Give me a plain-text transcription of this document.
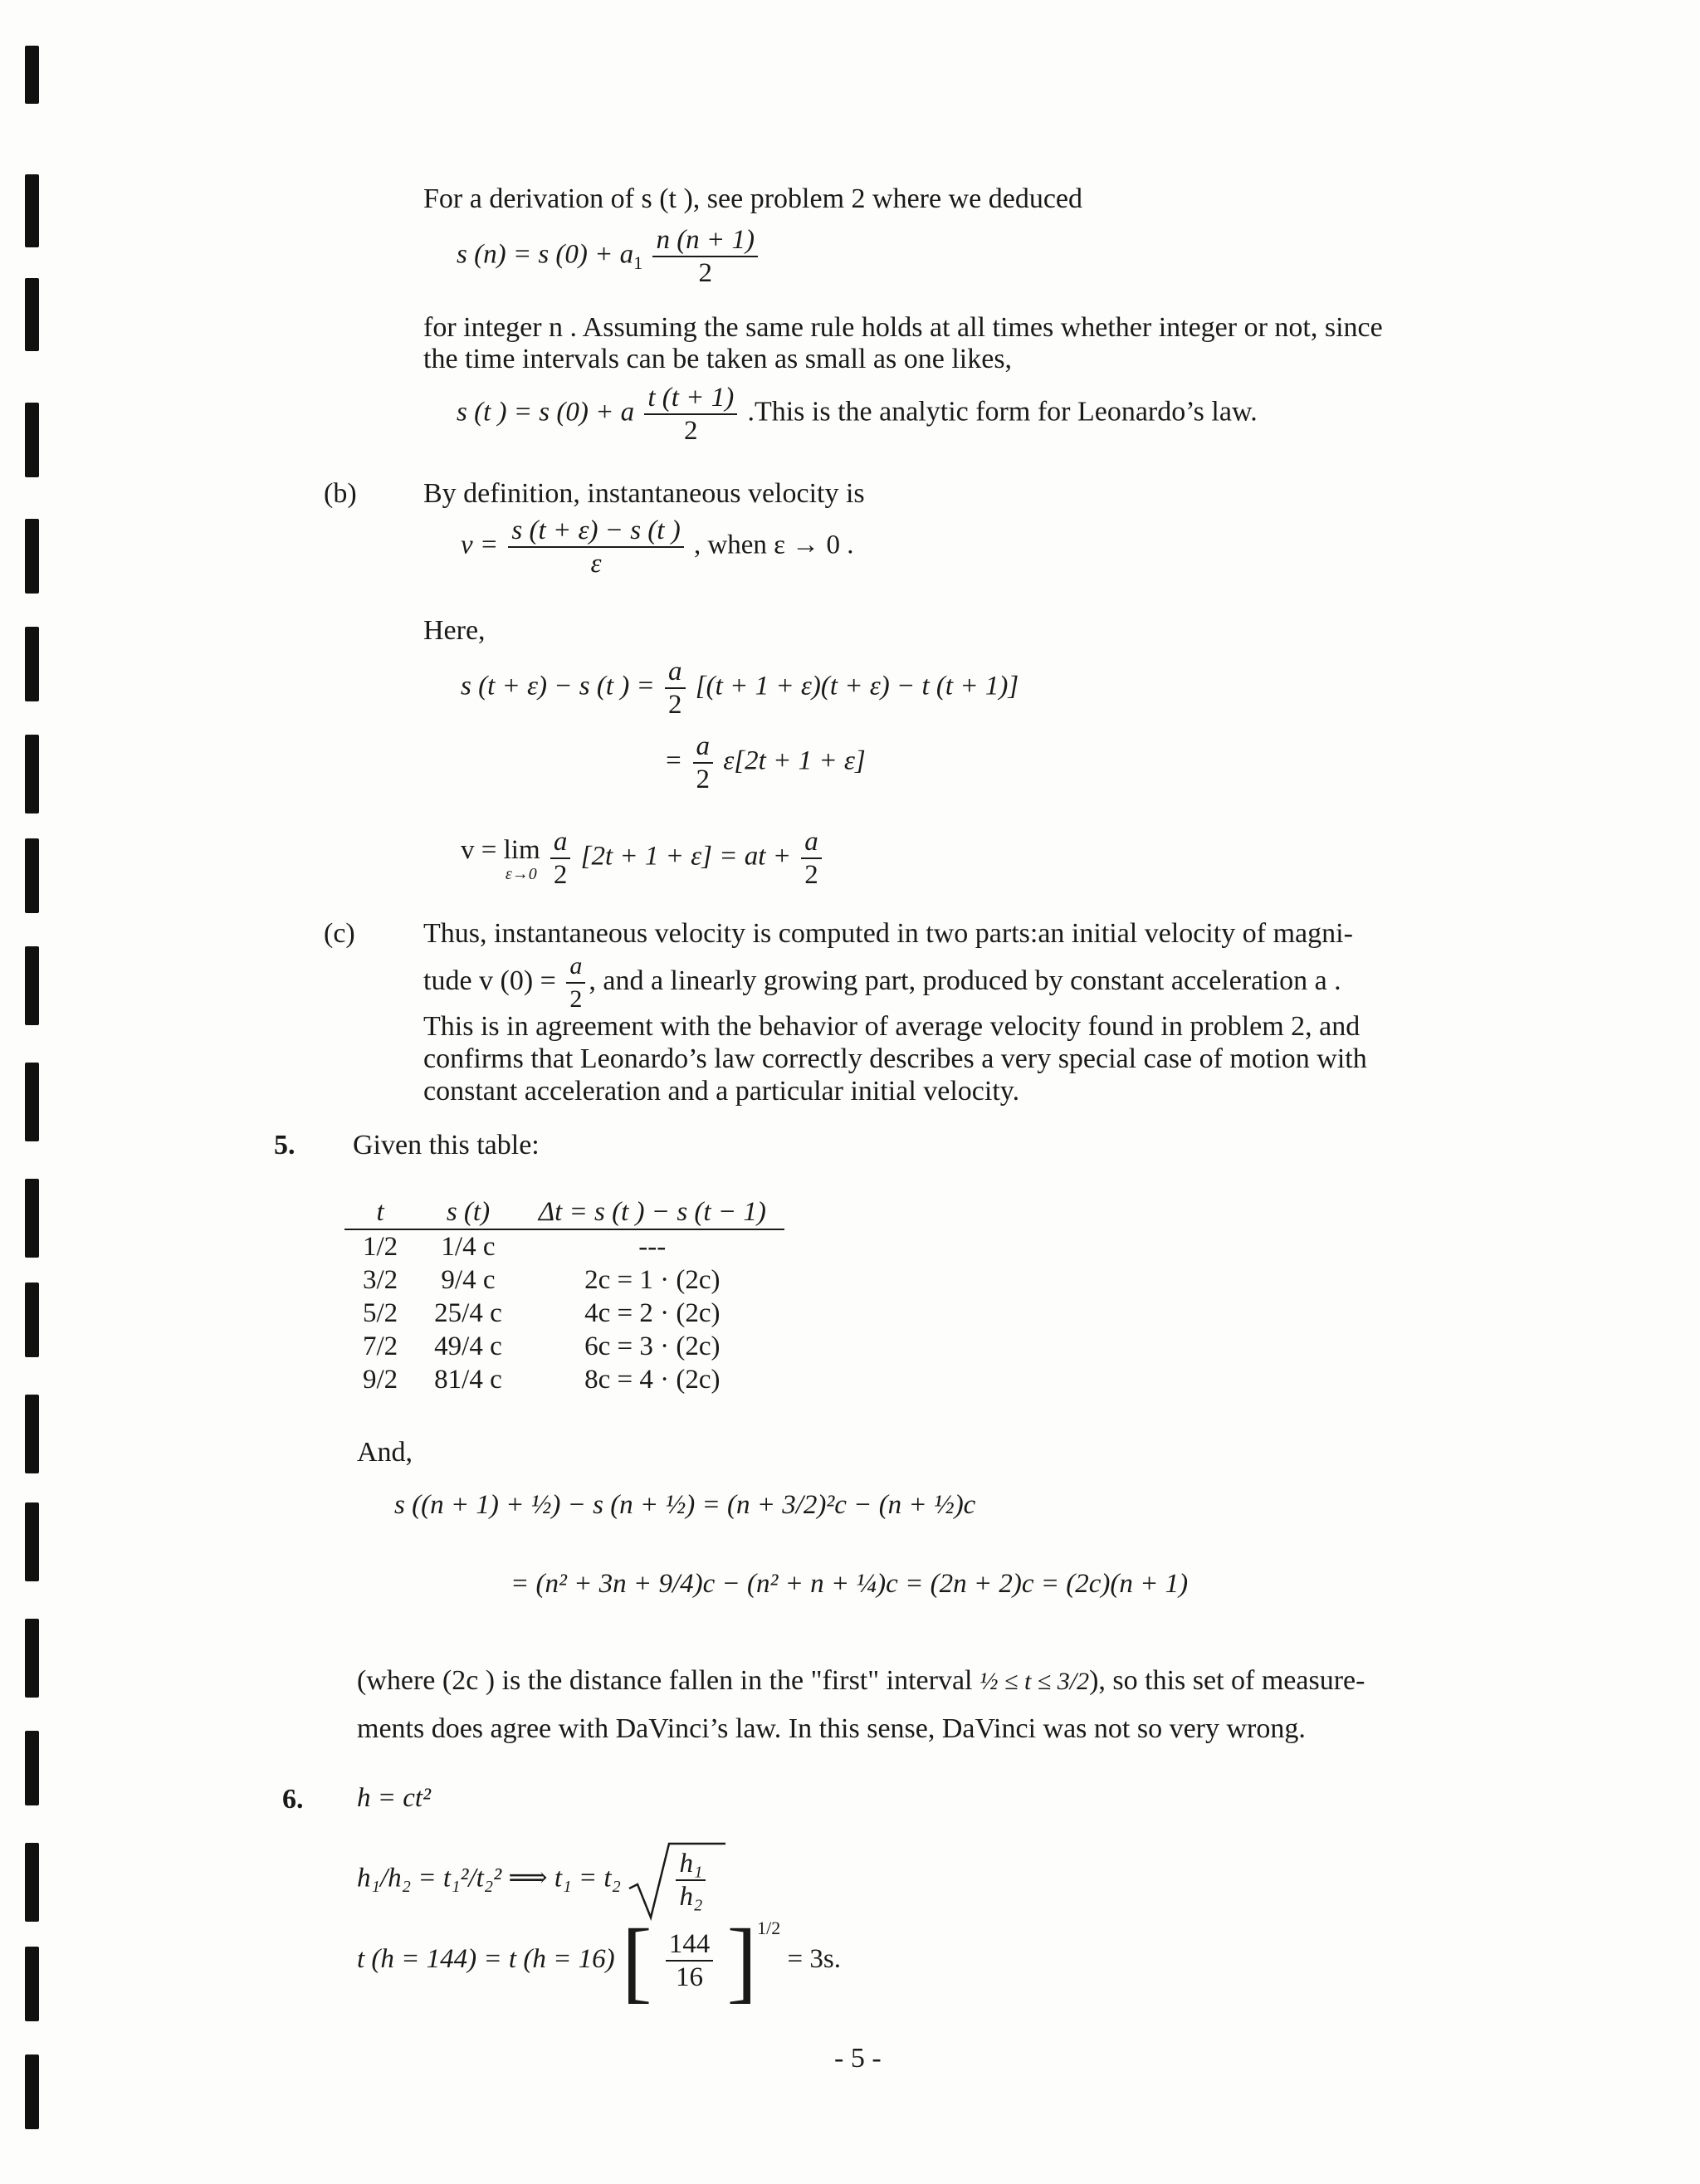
For a derivation of s (t ), see problem 2 where we deduced
s (n) = s $(0) + a_1 \frac{n (n + 1)}{2}$
for integer n . Assuming the same rule holds at all times whether integer or not, since
the time intervals can be taken as small as one likes,
s (t ) = s (0) + a $\frac{t (t + 1)}{2}$ .This is the analytic form for Leonardo’s law.
(b) By definition, instantaneous velocity is
$v = \frac{s (t + \varepsilon) - s (t )}{\varepsilon}$ , when ε → 0 .
Here,
s (t + ε) − s (t ) = $\frac{a}{2} [(t + 1 + \varepsilon)(t + \varepsilon) - t$ (t + 1)]
= $\frac{a}{2} \varepsilon[2t + 1 + \varepsilon]$
v = lim
ε→0
$\frac{a}{2} [2t + 1 + \varepsilon]$ = at + $\frac{a}{2}$
(c) Thus, instantaneous velocity is computed in two parts:an initial velocity of magni-
tude v $(0) = \frac{a}{2}$ , and a linearly growing part, produced by constant acceleration a .
This is in agreement with the behavior of average velocity found in problem 2, and
confirms that Leonardo’s law correctly describes a very special case of motion with
constant acceleration and a particular initial velocity.
5. Given this table:
t	s (t)	Δt = s (t ) − s (t − 1)
1/2	1/4 c	---
3/2	9/4 c	2c = 1 · (2c)
5/2	25/4 c	4c = 2 · (2c)
7/2	49/4 c	6c = 3 · (2c)
9/2	81/4 c	8c = 4 · (2c)
And,
s ((n + 1) + ½) − s (n + ½) = (n + 3/2)²c − (n + ½)c
= (n² + 3n + 9/4)c − (n² + n + ¼)c = (2n + 2)c = (2c)(n + 1)
(where (2c ) is the distance fallen in the "first" interval ½ ≤ t ≤ 3/2), so this set of measure-
ments does agree with DaVinci’s law. In this sense, DaVinci was not so very wrong.
6. h = ct²
h₁/h₂ = t₁²/t₂² ⟹ $t_1 = t_2 \frac{\text{h₁}}{\text{h₂}}$
t (h = 144) = t (h = 16) [ $\frac{144}{16} ]^{1/2} = 3s$.
- 5 -
